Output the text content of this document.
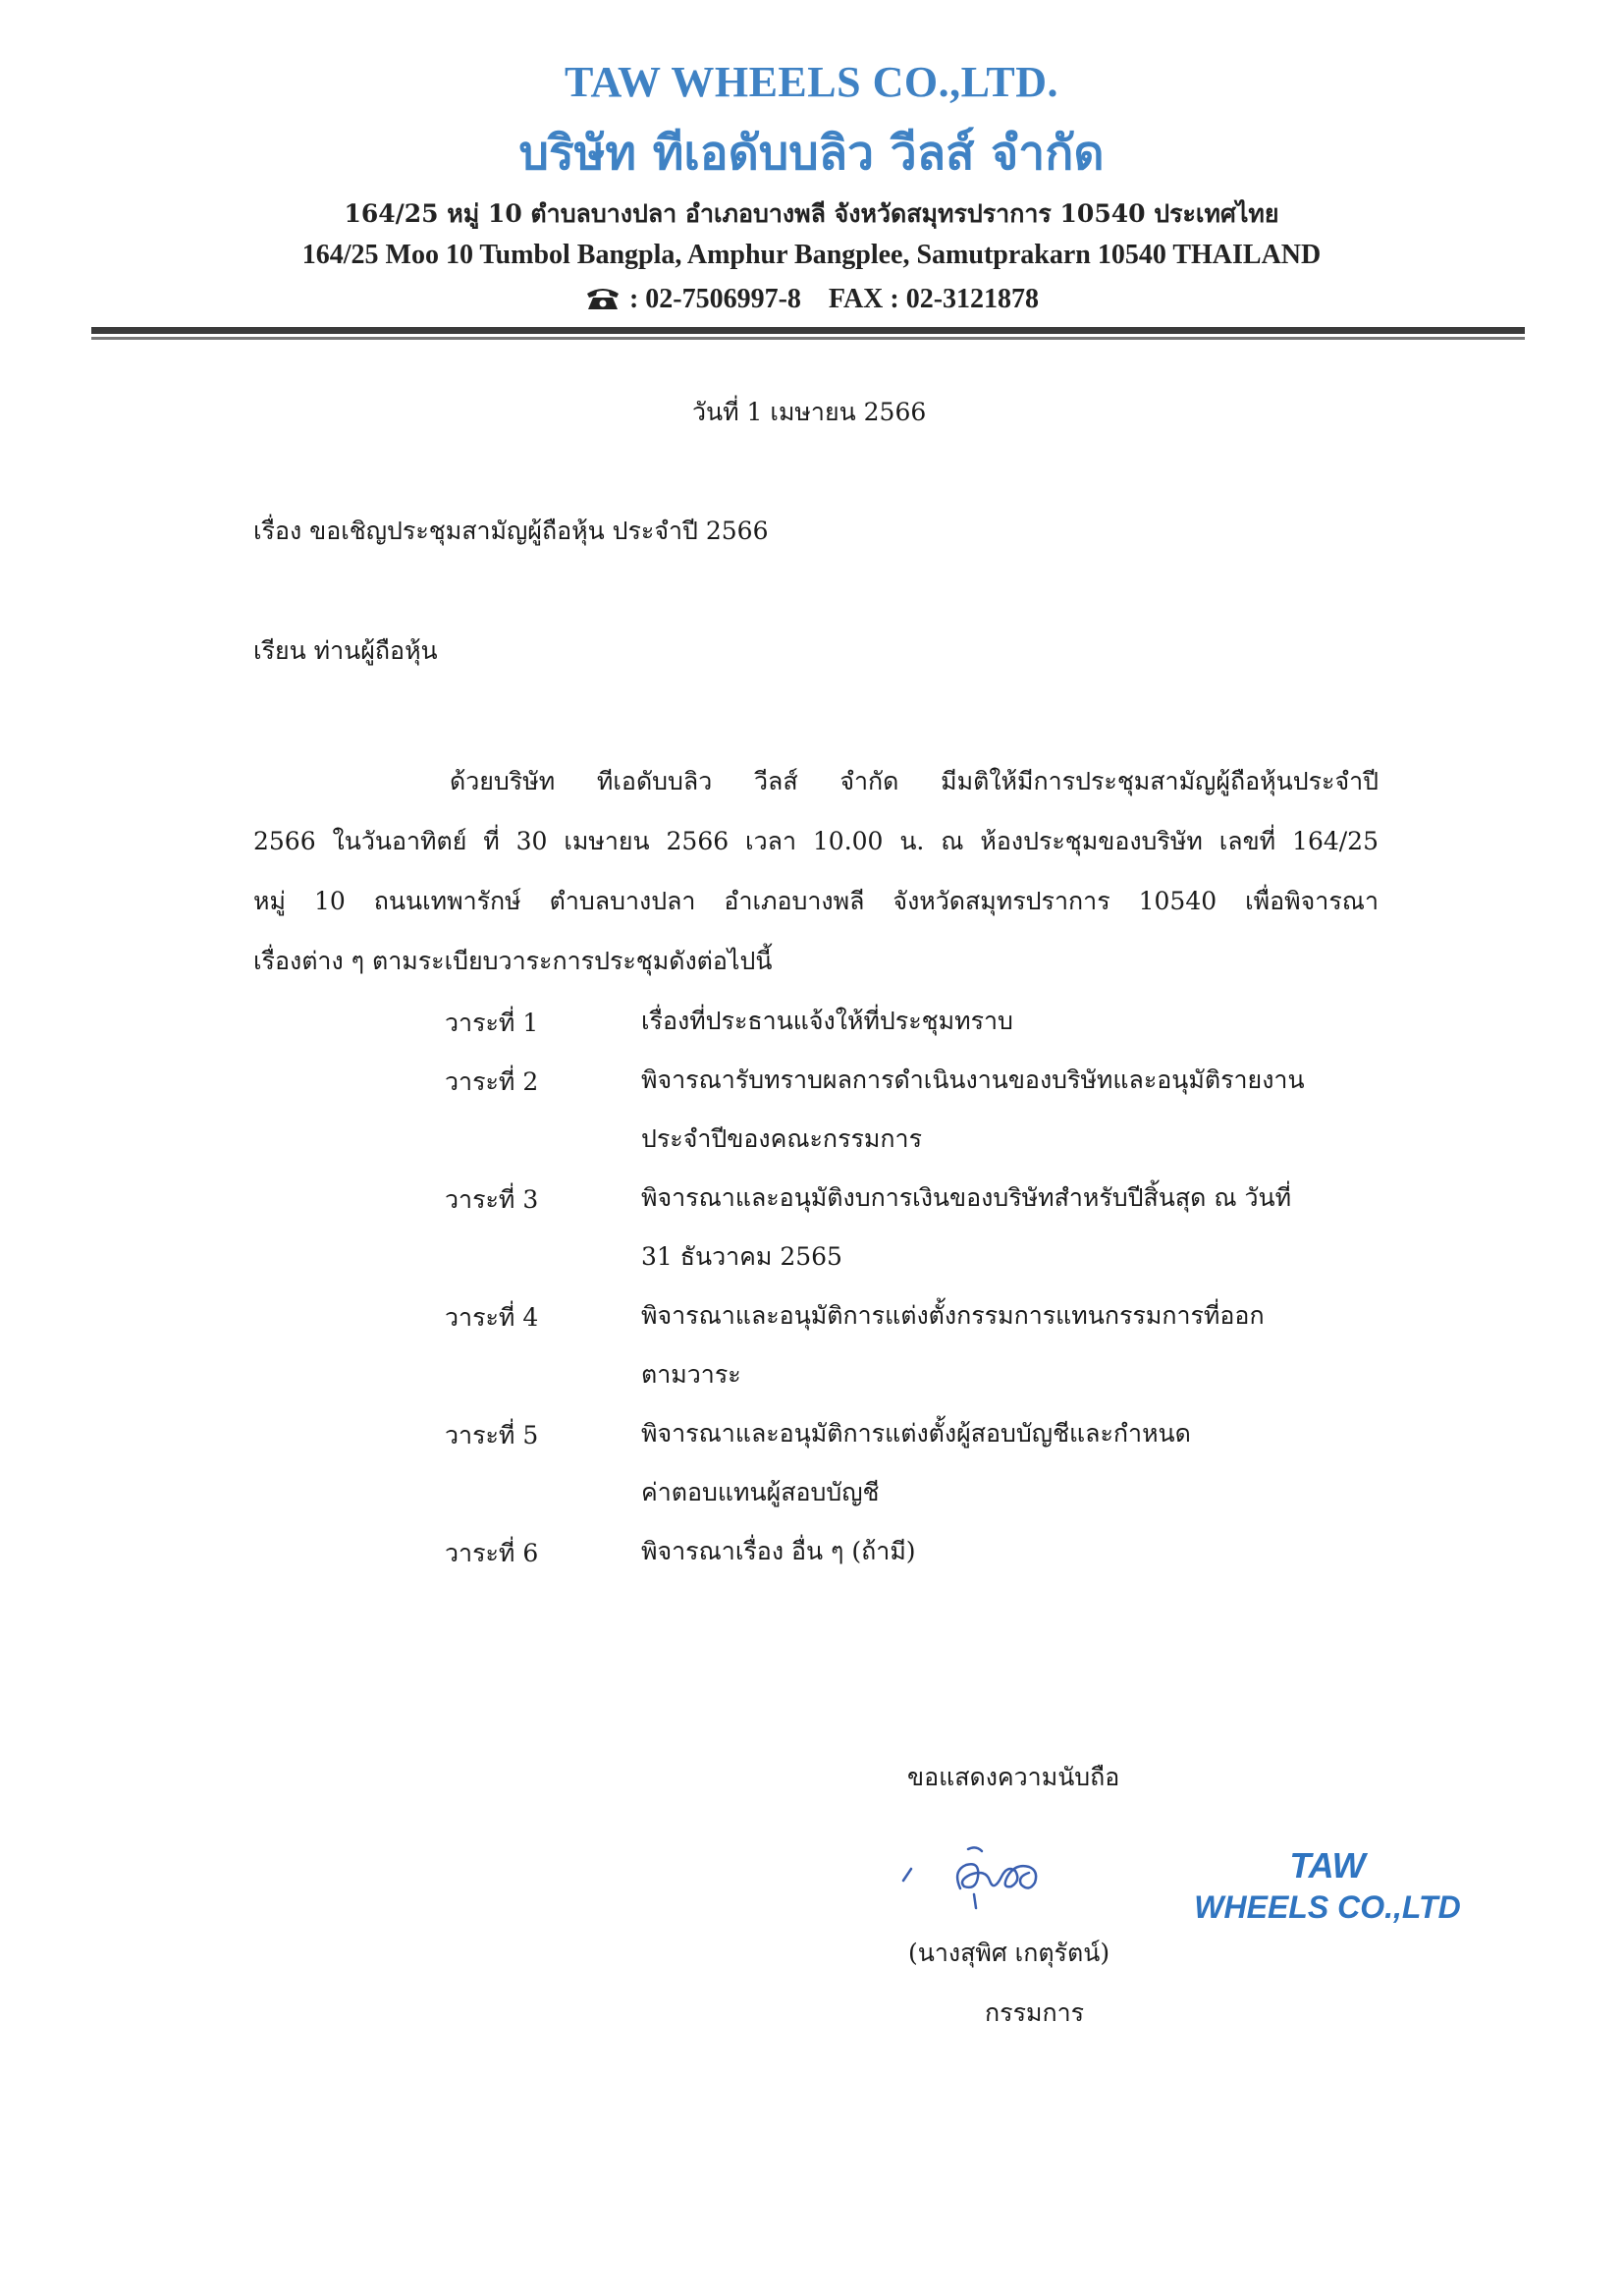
TAW WHEELS CO.,LTD.
บริษัท ทีเอดับบลิว วีลส์ จำกัด
164/25 หมู่ 10 ตำบลบางปลา อำเภอบางพลี จังหวัดสมุทรปราการ 10540 ประเทศไทย
164/25 Moo 10 Tumbol Bangpla, Amphur Bangplee, Samutprakarn 10540 THAILAND
: 02-7506997-8 FAX : 02-3121878
วันที่ 1 เมษายน 2566
เรื่อง ขอเชิญประชุมสามัญผู้ถือหุ้น ประจำปี 2566
เรียน ท่านผู้ถือหุ้น
ด้วยบริษัท ทีเอดับบลิว วีลส์ จำกัด มีมติให้มีการประชุมสามัญผู้ถือหุ้นประจำปี
2566 ในวันอาทิตย์ ที่ 30 เมษายน 2566 เวลา 10.00 น. ณ ห้องประชุมของบริษัท เลขที่ 164/25
หมู่ 10 ถนนเทพารักษ์ ตำบลบางปลา อำเภอบางพลี จังหวัดสมุทรปราการ 10540 เพื่อพิจารณา
เรื่องต่าง ๆ ตามระเบียบวาระการประชุมดังต่อไปนี้
วาระที่ 1	เรื่องที่ประธานแจ้งให้ที่ประชุมทราบ
วาระที่ 2	พิจารณารับทราบผลการดำเนินงานของบริษัทและอนุมัติรายงาน
ประจำปีของคณะกรรมการ
วาระที่ 3	พิจารณาและอนุมัติงบการเงินของบริษัทสำหรับปีสิ้นสุด ณ วันที่
31 ธันวาคม 2565
วาระที่ 4	พิจารณาและอนุมัติการแต่งตั้งกรรมการแทนกรรมการที่ออก
ตามวาระ
วาระที่ 5	พิจารณาและอนุมัติการแต่งตั้งผู้สอบบัญชีและกำหนด
ค่าตอบแทนผู้สอบบัญชี
วาระที่ 6	พิจารณาเรื่อง อื่น ๆ (ถ้ามี)
ขอแสดงความนับถือ
TAW
WHEELS CO.,LTD
(นางสุพิศ เกตุรัตน์)
กรรมการ
